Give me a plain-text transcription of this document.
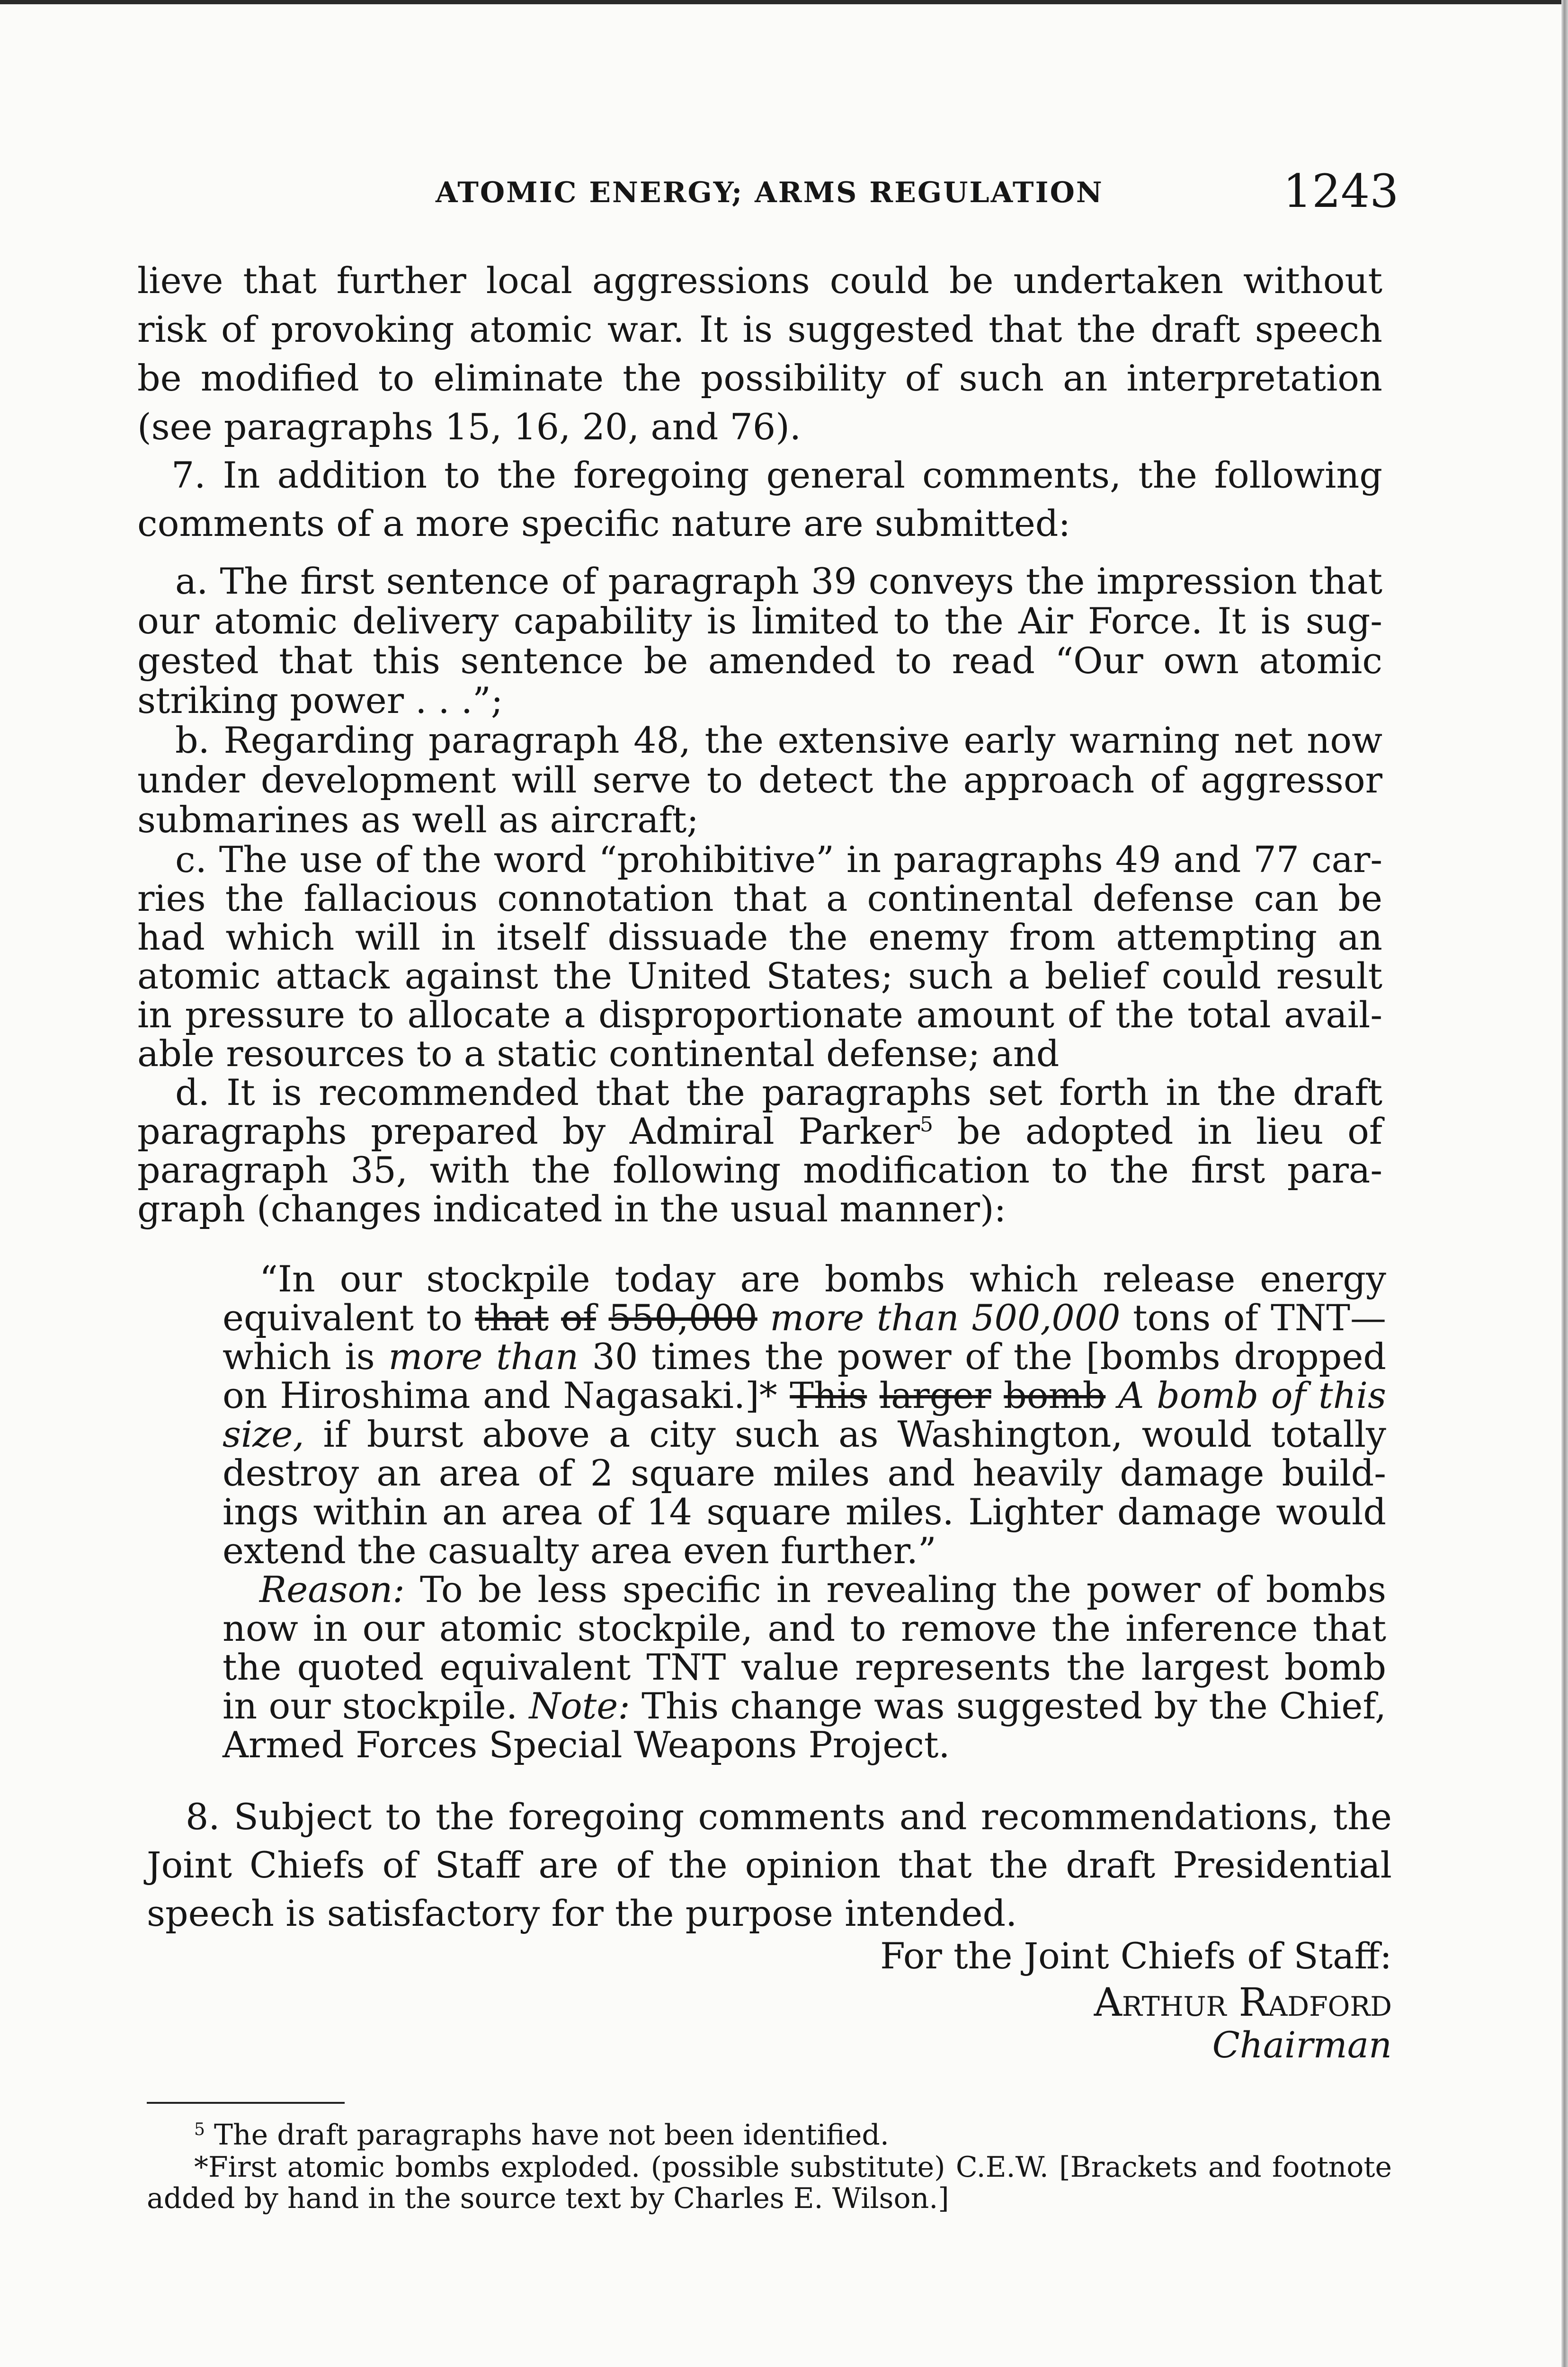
ATOMIC ENERGY; ARMS REGULATION	1243
lieve that further local aggressions could be undertaken without
risk of provoking atomic war. It is suggested that the draft speech
be modified to eliminate the possibility of such an interpretation
(see paragraphs 15, 16, 20, and 76).
7. In addition to the foregoing general comments, the following
comments of a more specific nature are submitted:
a. The first sentence of paragraph 39 conveys the impression that
our atomic delivery capability is limited to the Air Force. It is sug-
gested that this sentence be amended to read “Our own atomic
striking power . . .”;
b. Regarding paragraph 48, the extensive early warning net now
under development will serve to detect the approach of aggressor
submarines as well as aircraft;
c. The use of the word “prohibitive” in paragraphs 49 and 77 car-
ries the fallacious connotation that a continental defense can be
had which will in itself dissuade the enemy from attempting an
atomic attack against the United States; such a belief could result
in pressure to allocate a disproportionate amount of the total avail-
able resources to a static continental defense; and
d. It is recommended that the paragraphs set forth in the draft
paragraphs prepared by Admiral Parker$^5$ be adopted in lieu of
paragraph 35, with the following modification to the first para-
graph (changes indicated in the usual manner):
“In our stockpile today are bombs which release energy
equivalent to that of 550,000 more than 500,000 tons of TNT—
which is more than 30 times the power of the [bombs dropped
on Hiroshima and Nagasaki.]* This larger bomb A bomb of this
size, if burst above a city such as Washington, would totally
destroy an area of 2 square miles and heavily damage build-
ings within an area of 14 square miles. Lighter damage would
extend the casualty area even further.”
Reason: To be less specific in revealing the power of bombs
now in our atomic stockpile, and to remove the inference that
the quoted equivalent TNT value represents the largest bomb
in our stockpile. Note: This change was suggested by the Chief,
Armed Forces Special Weapons Project.
8. Subject to the foregoing comments and recommendations, the
Joint Chiefs of Staff are of the opinion that the draft Presidential
speech is satisfactory for the purpose intended.
For the Joint Chiefs of Staff:
Arthur Radford
Chairman
$^5$ The draft paragraphs have not been identified.
*First atomic bombs exploded. (possible substitute) C.E.W. [Brackets and footnote
added by hand in the source text by Charles E. Wilson.]
